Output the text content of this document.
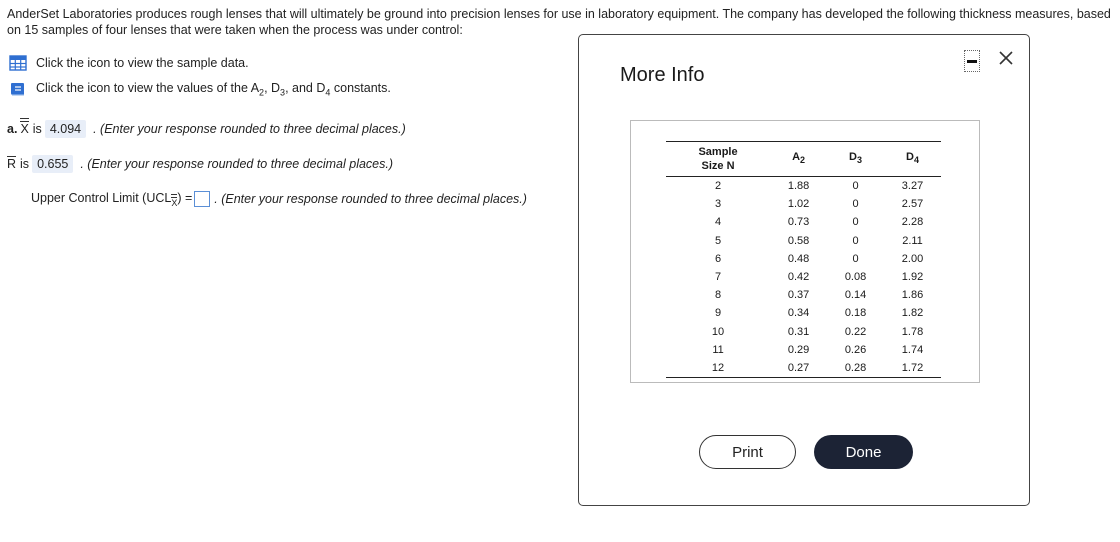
AnderSet Laboratories produces rough lenses that will ultimately be ground into precision lenses for use in laboratory equipment. The company has developed the following thickness measures, based on 15 samples of four lenses that were taken when the process was under control:
Click the icon to view the sample data.
Click the icon to view the values of the $A_2$, $D_3$, and $D_4$ constants.
a. X is 4.094 . (Enter your response rounded to three decimal places.)
R is 0.655 . (Enter your response rounded to three decimal places.)
Upper Control Limit $(UCL_X)$ = . (Enter your response rounded to three decimal places.)
More Info
Sample
Size N	$A_2$	$D_3$	$D_4$
2	1.88	0	3.27
3	1.02	0	2.57
4	0.73	0	2.28
5	0.58	0	2.11
6	0.48	0	2.00
7	0.42	0.08	1.92
8	0.37	0.14	1.86
9	0.34	0.18	1.82
10	0.31	0.22	1.78
11	0.29	0.26	1.74
12	0.27	0.28	1.72
Print	Done
